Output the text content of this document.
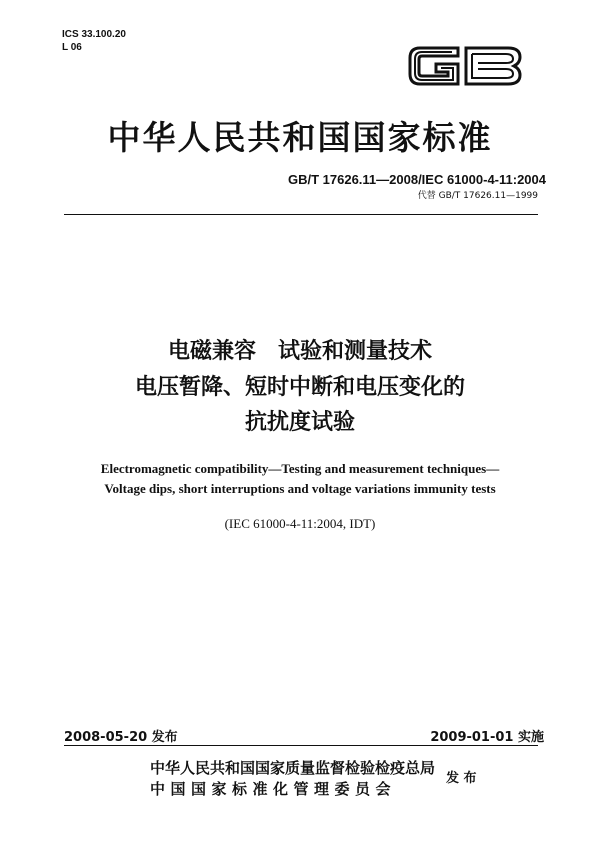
ICS 33.100.20
L 06
中华人民共和国国家标准
GB/T 17626.11—2008/IEC 61000-4-11:2004
代替 GB/T 17626.11—1999
电磁兼容　试验和测量技术
电压暂降、短时中断和电压变化的
抗扰度试验
Electromagnetic compatibility—Testing and measurement techniques—
Voltage dips, short interruptions and voltage variations immunity tests
(IEC 61000-4-11:2004, IDT)
2008-05-20 发布	2009-01-01 实施
中华人民共和国国家质量监督检验检疫总局
中国国家标准化管理委员会
发 布
